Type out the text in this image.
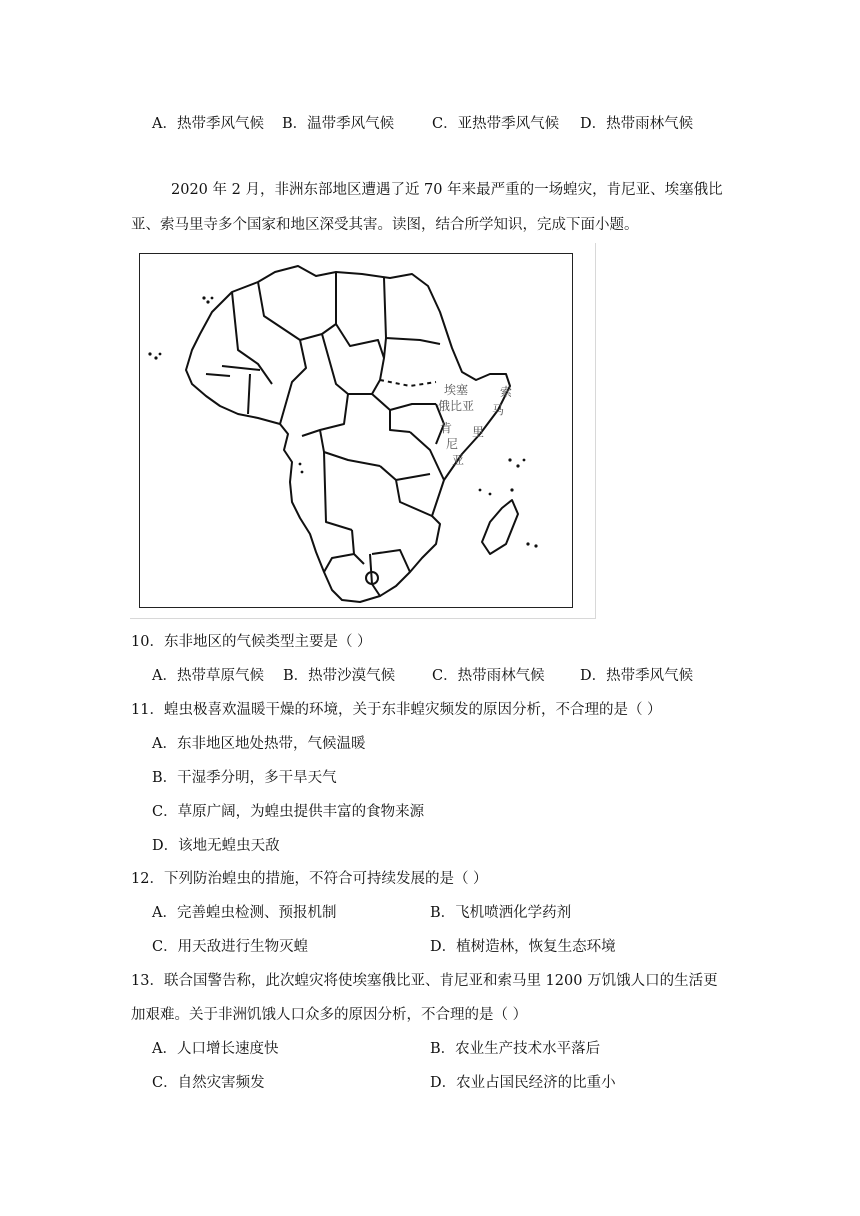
A．热带季风气候 B．温带季风气候	C．亚热带季风气候 D．热带雨林气候
2020 年 2 月，非洲东部地区遭遇了近 70 年来最严重的一场蝗灾，肯尼亚、埃塞俄比
亚、索马里寺多个国家和地区深受其害。读图，结合所学知识，完成下面小题。
埃塞
俄比亚
索
马
里
肯
尼
亚
10．东非地区的气候类型主要是（ ）
A．热带草原气候 B．热带沙漠气候	C．热带雨林气候 D．热带季风气候
11．蝗虫极喜欢温暖干燥的环境，关于东非蝗灾频发的原因分析，不合理的是（ ）
A．东非地区地处热带，气候温暖
B．干湿季分明，多干旱天气
C．草原广阔，为蝗虫提供丰富的食物来源
D．该地无蝗虫天敌
12．下列防治蝗虫的措施，不符合可持续发展的是（ ）
A．完善蝗虫检测、预报机制	B．飞机喷洒化学药剂
C．用天敌进行生物灭蝗	D．植树造林，恢复生态环境
13．联合国警告称，此次蝗灾将使埃塞俄比亚、肯尼亚和索马里 1200 万饥饿人口的生活更
加艰难。关于非洲饥饿人口众多的原因分析，不合理的是（ ）
A．人口增长速度快	B．农业生产技术水平落后
C．自然灾害频发	D．农业占国民经济的比重小
